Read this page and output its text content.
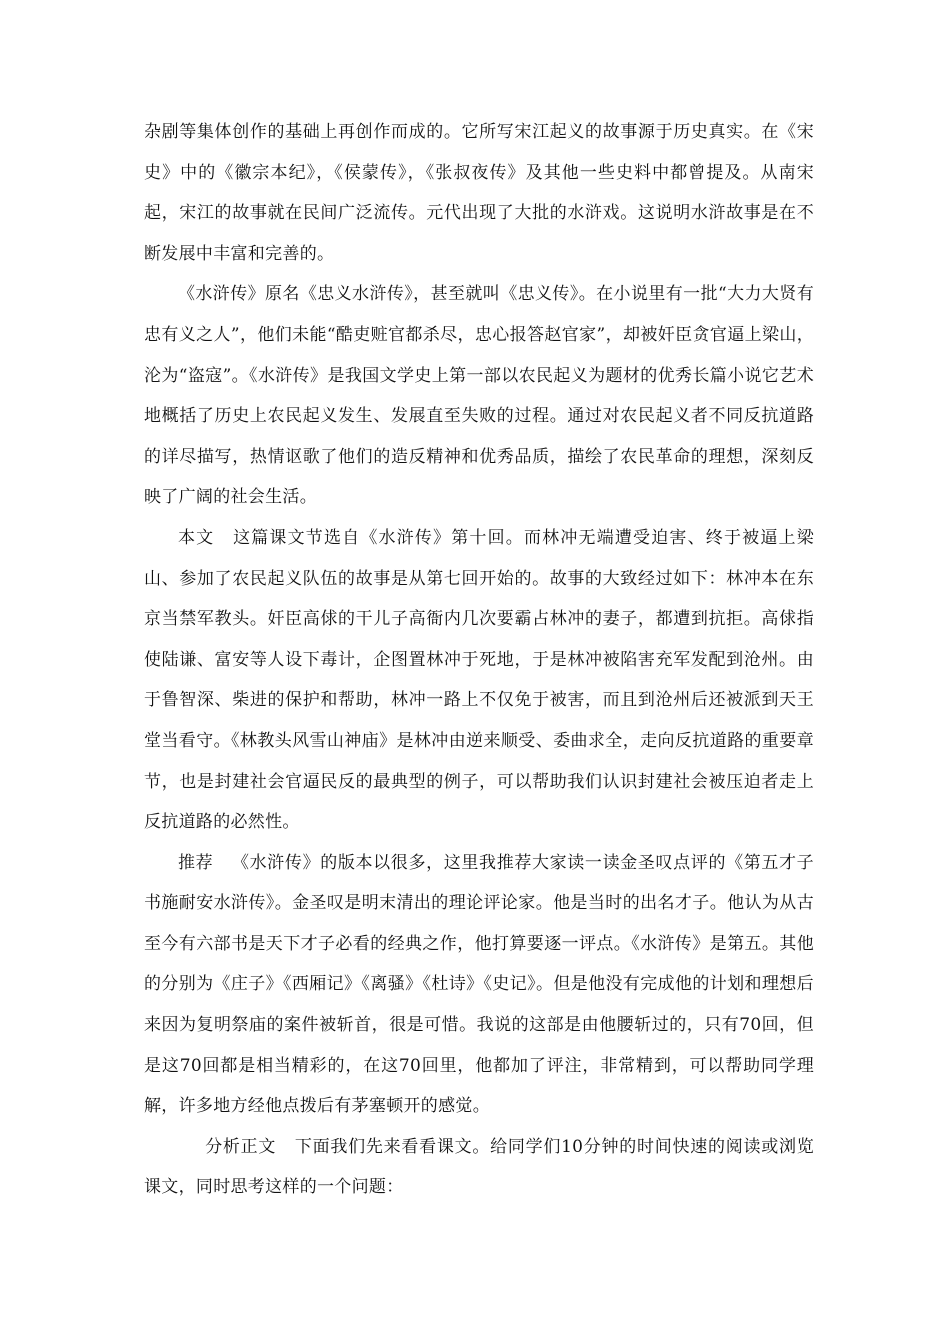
杂剧等集体创作的基础上再创作而成的。它所写宋江起义的故事源于历史真实。在《宋史》中的《徽宗本纪》，《侯蒙传》，《张叔夜传》及其他一些史料中都曾提及。从南宋起，宋江的故事就在民间广泛流传。元代出现了大批的水浒戏。这说明水浒故事是在不断发展中丰富和完善的。

《水浒传》原名《忠义水浒传》，甚至就叫《忠义传》。在小说里有一批“大力大贤有忠有义之人”，他们未能“酷吏赃官都杀尽，忠心报答赵官家”，却被奸臣贪官逼上梁山，沦为“盗寇”。《水浒传》是我国文学史上第一部以农民起义为题材的优秀长篇小说它艺术地概括了历史上农民起义发生、发展直至失败的过程。通过对农民起义者不同反抗道路的详尽描写，热情讴歌了他们的造反精神和优秀品质，描绘了农民革命的理想，深刻反映了广阔的社会生活。

本文 这篇课文节选自《水浒传》第十回。而林冲无端遭受迫害、终于被逼上梁山、参加了农民起义队伍的故事是从第七回开始的。故事的大致经过如下：林冲本在东京当禁军教头。奸臣高俅的干儿子高衙内几次要霸占林冲的妻子，都遭到抗拒。高俅指使陆谦、富安等人设下毒计，企图置林冲于死地，于是林冲被陷害充军发配到沧州。由于鲁智深、柴进的保护和帮助，林冲一路上不仅免于被害，而且到沧州后还被派到天王堂当看守。《林教头风雪山神庙》是林冲由逆来顺受、委曲求全，走向反抗道路的重要章节，也是封建社会官逼民反的最典型的例子，可以帮助我们认识封建社会被压迫者走上反抗道路的必然性。

推荐 《水浒传》的版本以很多，这里我推荐大家读一读金圣叹点评的《第五才子书施耐安水浒传》。金圣叹是明末清出的理论评论家。他是当时的出名才子。他认为从古至今有六部书是天下才子必看的经典之作，他打算要逐一评点。《水浒传》是第五。其他的分别为《庄子》《西厢记》《离骚》《杜诗》《史记》。但是他没有完成他的计划和理想后来因为复明祭庙的案件被斩首，很是可惜。我说的这部是由他腰斩过的，只有70回，但是这70回都是相当精彩的，在这70回里，他都加了评注，非常精到，可以帮助同学理解，许多地方经他点拨后有茅塞顿开的感觉。

分析正文 下面我们先来看看课文。给同学们10分钟的时间快速的阅读或浏览课文，同时思考这样的一个问题：
